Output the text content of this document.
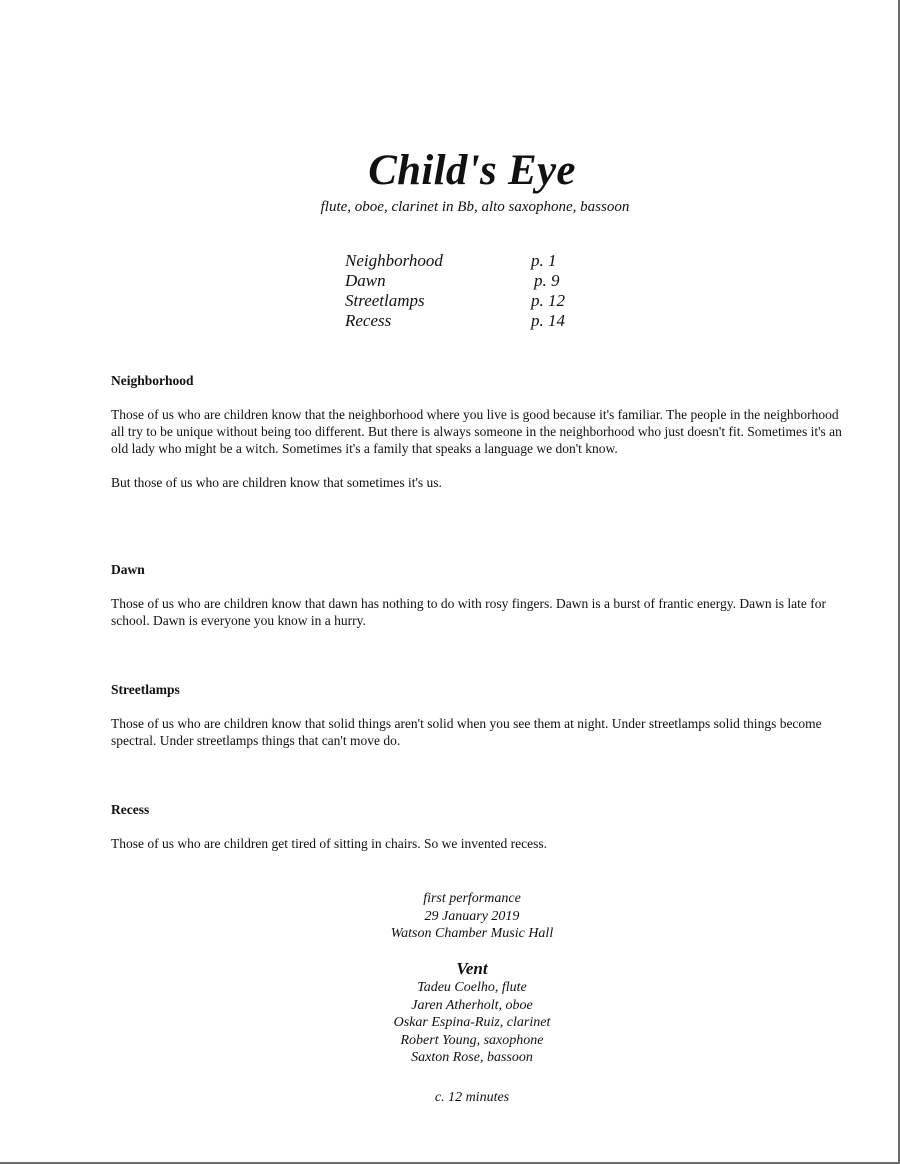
Child's Eye
flute, oboe, clarinet in Bb, alto saxophone, bassoon
Neighborhood	p. 1
Dawn	p. 9
Streetlamps	p. 12
Recess	p. 14
Neighborhood

Those of us who are children know that the neighborhood where you live is good because it's familiar. The people in the neighborhood all try to be unique without being too different. But there is always someone in the neighborhood who just doesn't fit. Sometimes it's an old lady who might be a witch. Sometimes it's a family that speaks a language we don't know.

But those of us who are children know that sometimes it's us.

Dawn

Those of us who are children know that dawn has nothing to do with rosy fingers. Dawn is a burst of frantic energy. Dawn is late for school. Dawn is everyone you know in a hurry.

Streetlamps

Those of us who are children know that solid things aren't solid when you see them at night. Under streetlamps solid things become spectral. Under streetlamps things that can't move do.

Recess

Those of us who are children get tired of sitting in chairs. So we invented recess.

first performance
29 January 2019
Watson Chamber Music Hall
Vent
Tadeu Coelho, flute
Jaren Atherholt, oboe
Oskar Espina-Ruiz, clarinet
Robert Young, saxophone
Saxton Rose, bassoon
c. 12 minutes
